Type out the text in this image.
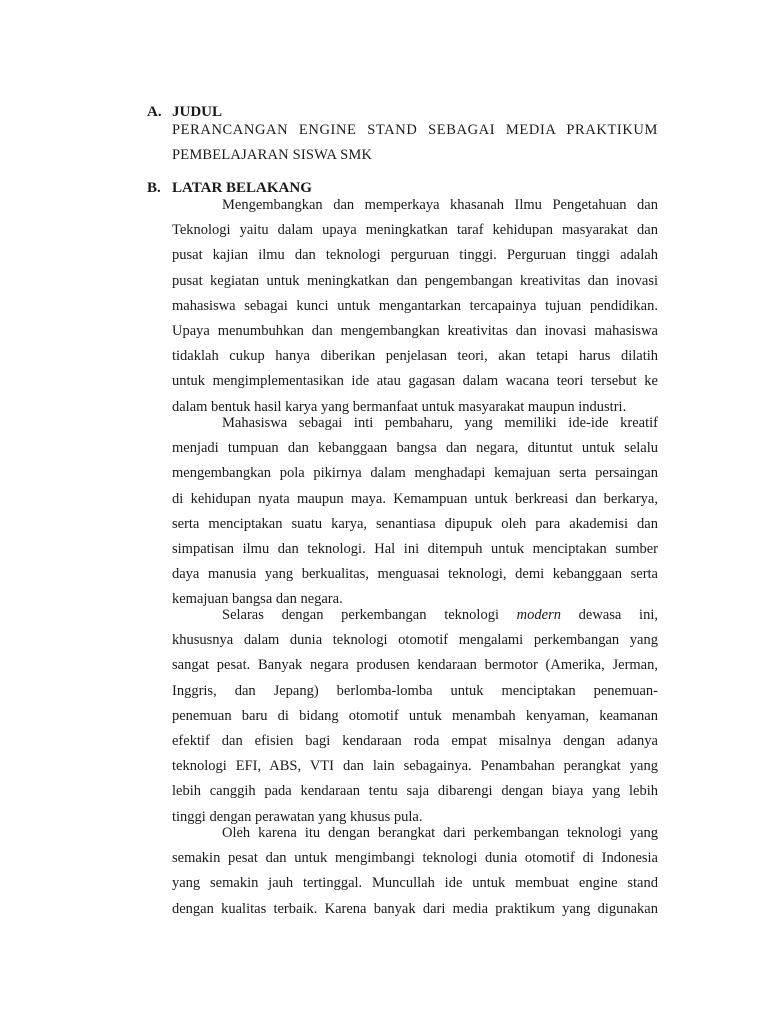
A. JUDUL
PERANCANGAN ENGINE STAND SEBAGAI MEDIA PRAKTIKUM
PEMBELAJARAN SISWA SMK
B. LATAR BELAKANG
Mengembangkan dan memperkaya khasanah Ilmu Pengetahuan dan
Teknologi yaitu dalam upaya meningkatkan taraf kehidupan masyarakat dan
pusat kajian ilmu dan teknologi perguruan tinggi. Perguruan tinggi adalah
pusat kegiatan untuk meningkatkan dan pengembangan kreativitas dan inovasi
mahasiswa sebagai kunci untuk mengantarkan tercapainya tujuan pendidikan.
Upaya menumbuhkan dan mengembangkan kreativitas dan inovasi mahasiswa
tidaklah cukup hanya diberikan penjelasan teori, akan tetapi harus dilatih
untuk mengimplementasikan ide atau gagasan dalam wacana teori tersebut ke
dalam bentuk hasil karya yang bermanfaat untuk masyarakat maupun industri.
Mahasiswa sebagai inti pembaharu, yang memiliki ide-ide kreatif
menjadi tumpuan dan kebanggaan bangsa dan negara, dituntut untuk selalu
mengembangkan pola pikirnya dalam menghadapi kemajuan serta persaingan
di kehidupan nyata maupun maya. Kemampuan untuk berkreasi dan berkarya,
serta menciptakan suatu karya, senantiasa dipupuk oleh para akademisi dan
simpatisan ilmu dan teknologi. Hal ini ditempuh untuk menciptakan sumber
daya manusia yang berkualitas, menguasai teknologi, demi kebanggaan serta
kemajuan bangsa dan negara.
Selaras dengan perkembangan teknologi modern dewasa ini,
khususnya dalam dunia teknologi otomotif mengalami perkembangan yang
sangat pesat. Banyak negara produsen kendaraan bermotor (Amerika, Jerman,
Inggris, dan Jepang) berlomba-lomba untuk menciptakan penemuan-
penemuan baru di bidang otomotif untuk menambah kenyaman, keamanan
efektif dan efisien bagi kendaraan roda empat misalnya dengan adanya
teknologi EFI, ABS, VTI dan lain sebagainya. Penambahan perangkat yang
lebih canggih pada kendaraan tentu saja dibarengi dengan biaya yang lebih
tinggi dengan perawatan yang khusus pula.
Oleh karena itu dengan berangkat dari perkembangan teknologi yang
semakin pesat dan untuk mengimbangi teknologi dunia otomotif di Indonesia
yang semakin jauh tertinggal. Muncullah ide untuk membuat engine stand
dengan kualitas terbaik. Karena banyak dari media praktikum yang digunakan
